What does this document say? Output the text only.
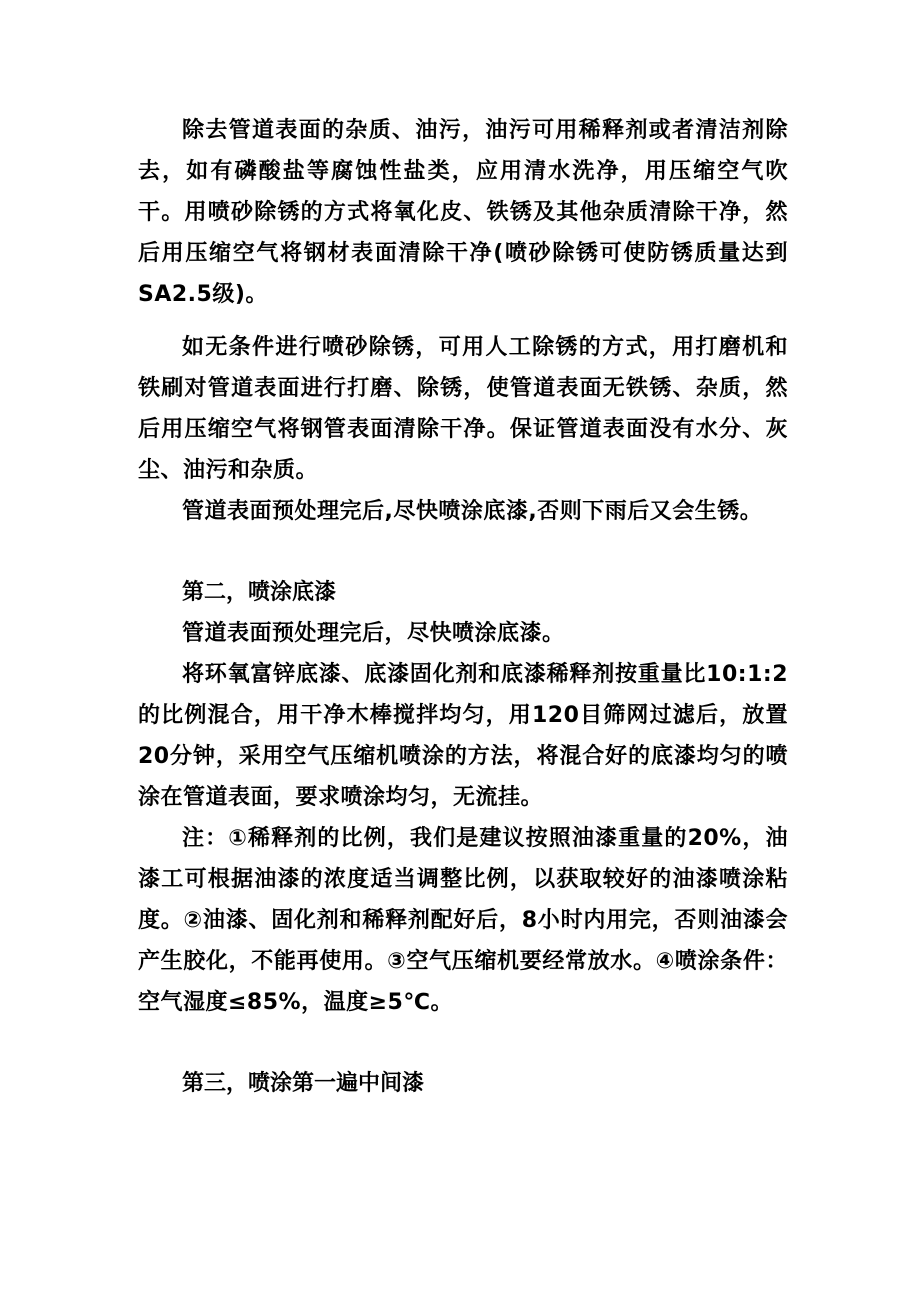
除去管道表面的杂质、油污，油污可用稀释剂或者清洁剂除去，如有磷酸盐等腐蚀性盐类，应用清水洗净，用压缩空气吹干。用喷砂除锈的方式将氧化皮、铁锈及其他杂质清除干净，然后用压缩空气将钢材表面清除干净(喷砂除锈可使防锈质量达到SA2.5级)。

如无条件进行喷砂除锈，可用人工除锈的方式，用打磨机和铁刷对管道表面进行打磨、除锈，使管道表面无铁锈、杂质，然后用压缩空气将钢管表面清除干净。保证管道表面没有水分、灰尘、油污和杂质。

管道表面预处理完后,尽快喷涂底漆,否则下雨后又会生锈。

第二，喷涂底漆

管道表面预处理完后，尽快喷涂底漆。

将环氧富锌底漆、底漆固化剂和底漆稀释剂按重量比10:1:2的比例混合，用干净木棒搅拌均匀，用120目筛网过滤后，放置20分钟，采用空气压缩机喷涂的方法，将混合好的底漆均匀的喷涂在管道表面，要求喷涂均匀，无流挂。

注：①稀释剂的比例，我们是建议按照油漆重量的20%，油漆工可根据油漆的浓度适当调整比例，以获取较好的油漆喷涂粘度。②油漆、固化剂和稀释剂配好后，8小时内用完，否则油漆会产生胶化，不能再使用。③空气压缩机要经常放水。④喷涂条件：空气湿度≤85%，温度≥5℃。

第三，喷涂第一遍中间漆
